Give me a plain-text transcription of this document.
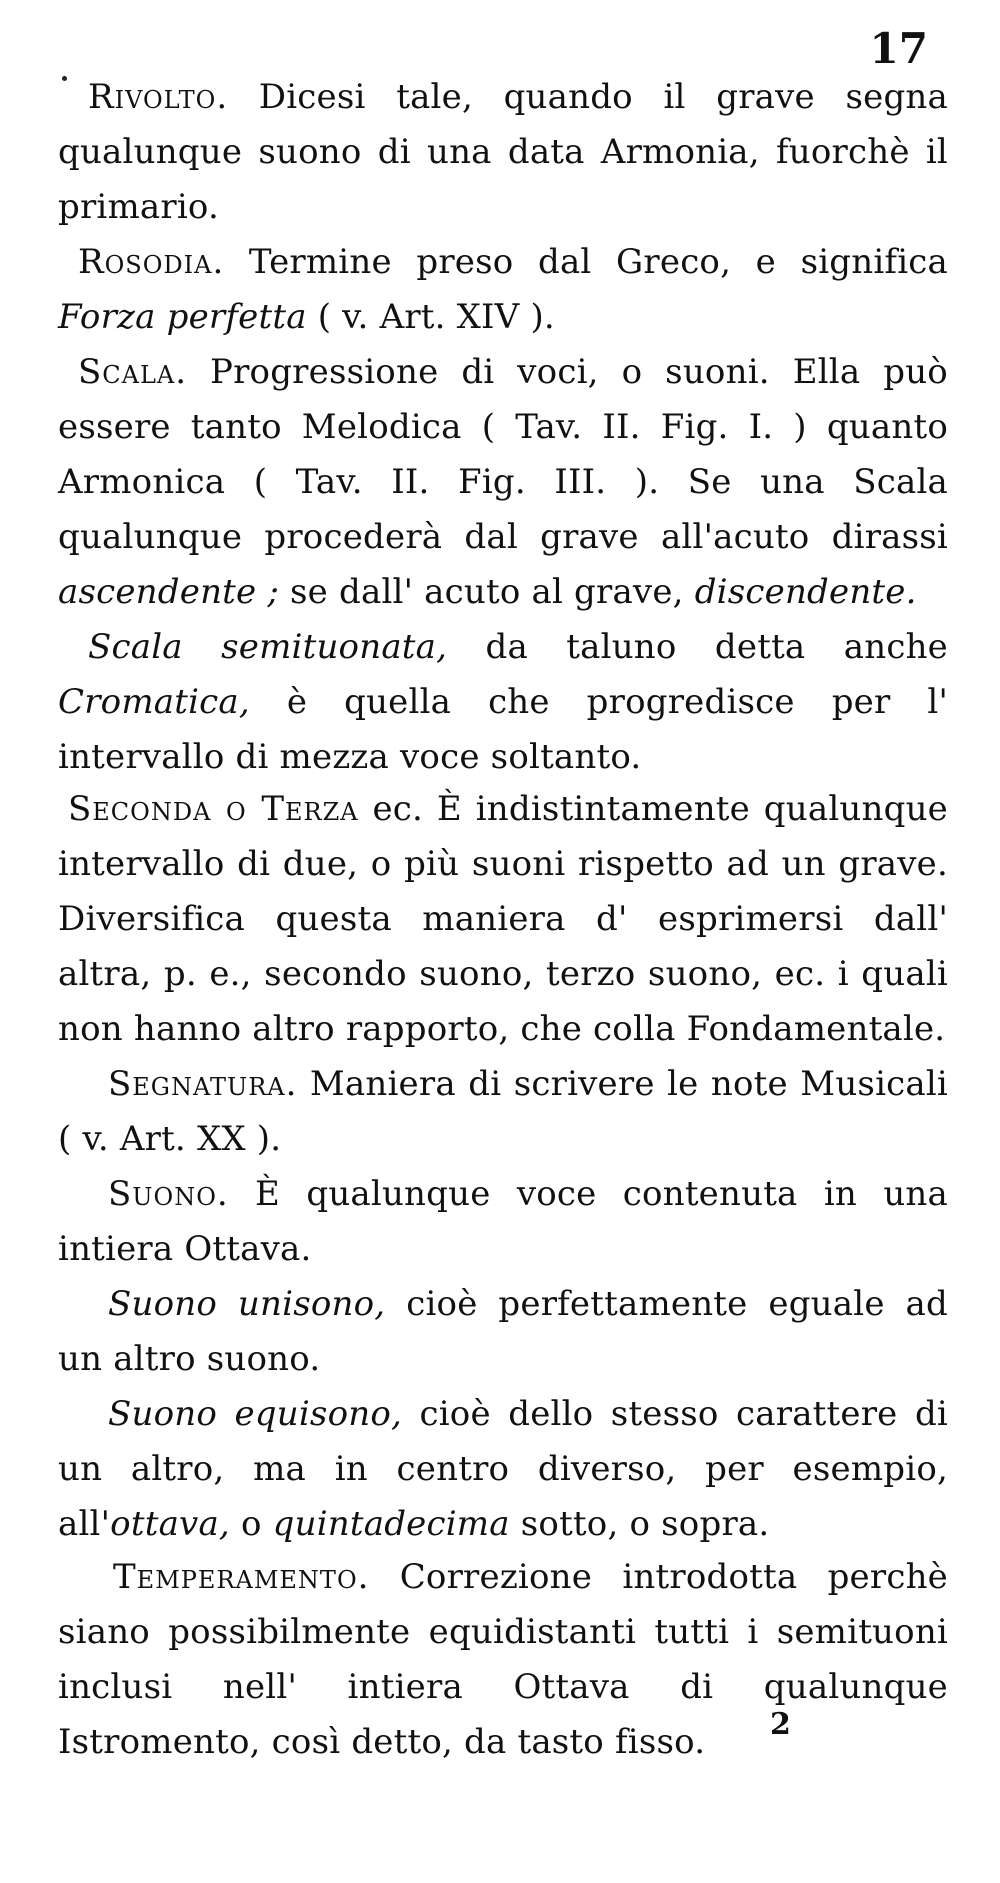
17
Rivolto. Dicesi tale, quando il grave segna qualunque suono di una data Armonia, fuorchè il primario.
Rosodia. Termine preso dal Greco, e significa Forza perfetta ( v. Art. XIV ).
Scala. Progressione di voci, o suoni. Ella può essere tanto Melodica ( Tav. II. Fig. I. ) quanto Armonica ( Tav. II. Fig. III. ). Se una Scala qualunque procederà dal grave all'acuto dirassi ascendente ; se dall' acuto al grave, discendente.
Scala semituonata, da taluno detta anche Cromatica, è quella che progredisce per l' intervallo di mezza voce soltanto.
Seconda o Terza ec. È indistintamente qualunque intervallo di due, o più suoni rispetto ad un grave. Diversifica questa maniera d' esprimersi dall' altra, p. e., secondo suono, terzo suono, ec. i quali non hanno altro rapporto, che colla Fondamentale.
Segnatura. Maniera di scrivere le note Musicali ( v. Art. XX ).
Suono. È qualunque voce contenuta in una intiera Ottava.
Suono unisono, cioè perfettamente eguale ad un altro suono.
Suono equisono, cioè dello stesso carattere di un altro, ma in centro diverso, per esempio, all'ottava, o quintadecima sotto, o sopra.
Temperamento. Correzione introdotta perchè siano possibilmente equidistanti tutti i semituoni inclusi nell' intiera Ottava di qualunque Istromento, così detto, da tasto fisso.	2
